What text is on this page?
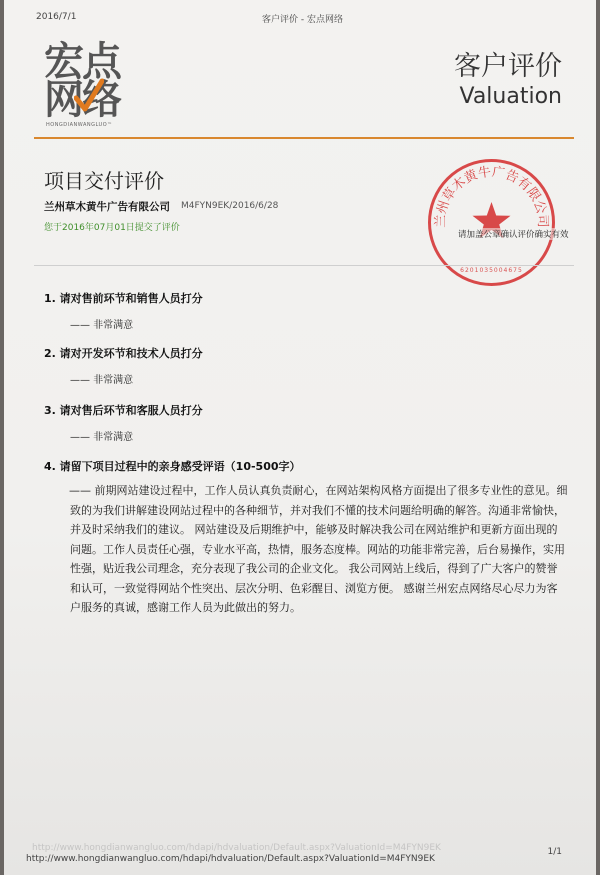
2016/7/1	客户评价 - 宏点网络
宏点
网络
HONGDIANWANGLUO™
客户评价
Valuation
项目交付评价
兰州草木黄牛广告有限公司 M4FYN9EK/2016/6/28
您于2016年07月01日提交了评价
兰州草木黄牛广告有限公司
6201035004675
请加盖公章确认评价确实有效
1. 请对售前环节和销售人员打分
—— 非常满意
2. 请对开发环节和技术人员打分
—— 非常满意
3. 请对售后环节和客服人员打分
—— 非常满意
4. 请留下项目过程中的亲身感受评语（10-500字）

—— 前期网站建设过程中，工作人员认真负责耐心，在网站架构风格方面提出了很多专业性的意见。细致的为我们讲解建设网站过程中的各种细节，并对我们不懂的技术问题给明确的解答。沟通非常愉快，并及时采纳我们的建议。 网站建设及后期维护中，能够及时解决我公司在网站维护和更新方面出现的问题。工作人员责任心强，专业水平高，热情，服务态度棒。网站的功能非常完善，后台易操作，实用性强，贴近我公司理念，充分表现了我公司的企业文化。 我公司网站上线后，得到了广大客户的赞誉和认可，一致觉得网站个性突出、层次分明、色彩醒目、浏览方便。 感谢兰州宏点网络尽心尽力为客户服务的真诚，感谢工作人员为此做出的努力。

http://www.hongdianwangluo.com/hdapi/hdvaluation/Default.aspx?ValuationId=M4FYN9EK
http://www.hongdianwangluo.com/hdapi/hdvaluation/Default.aspx?ValuationId=M4FYN9EK
1/1
